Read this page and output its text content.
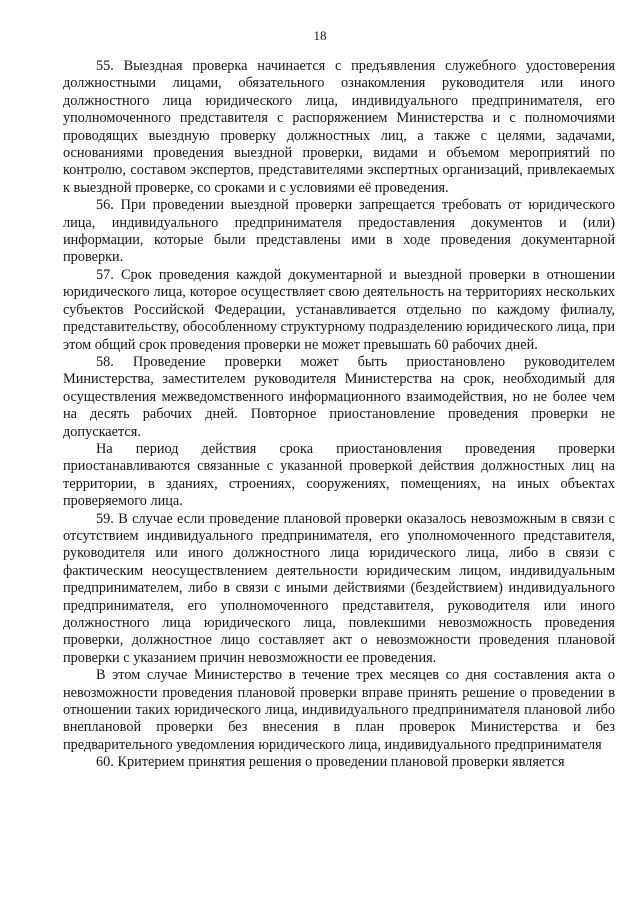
18

55. Выездная проверка начинается с предъявления служебного удостоверения должностными лицами, обязательного ознакомления руководителя или иного должностного лица юридического лица, индивидуального предпринимателя, его уполномоченного представителя с распоряжением Министерства и с полномочиями проводящих выездную проверку должностных лиц, а также с целями, задачами, основаниями проведения выездной проверки, видами и объемом мероприятий по контролю, составом экспертов, представителями экспертных организаций, привлекаемых к выездной проверке, со сроками и с условиями её проведения.

56. При проведении выездной проверки запрещается требовать от юридического лица, индивидуального предпринимателя предоставления документов и (или) информации, которые были представлены ими в ходе проведения документарной проверки.

57. Срок проведения каждой документарной и выездной проверки в отношении юридического лица, которое осуществляет свою деятельность на территориях нескольких субъектов Российской Федерации, устанавливается отдельно по каждому филиалу, представительству, обособленному структурному подразделению юридического лица, при этом общий срок проведения проверки не может превышать 60 рабочих дней.

58. Проведение проверки может быть приостановлено руководителем Министерства, заместителем руководителя Министерства на срок, необходимый для осуществления межведомственного информационного взаимодействия, но не более чем на десять рабочих дней. Повторное приостановление проведения проверки не допускается.

На период действия срока приостановления проведения проверки приостанавливаются связанные с указанной проверкой действия должностных лиц на территории, в зданиях, строениях, сооружениях, помещениях, на иных объектах проверяемого лица.

59. В случае если проведение плановой проверки оказалось невозможным в связи с отсутствием индивидуального предпринимателя, его уполномоченного представителя, руководителя или иного должностного лица юридического лица, либо в связи с фактическим неосуществлением деятельности юридическим лицом, индивидуальным предпринимателем, либо в связи с иными действиями (бездействием) индивидуального предпринимателя, его уполномоченного представителя, руководителя или иного должностного лица юридического лица, повлекшими невозможность проведения проверки, должностное лицо составляет акт о невозможности проведения плановой проверки с указанием причин невозможности ее проведения.

В этом случае Министерство в течение трех месяцев со дня составления акта о невозможности проведения плановой проверки вправе принять решение о проведении в отношении таких юридического лица, индивидуального предпринимателя плановой либо внеплановой проверки без внесения в план проверок Министерства и без предварительного уведомления юридического лица, индивидуального предпринимателя

60. Критерием принятия решения о проведении плановой проверки является
